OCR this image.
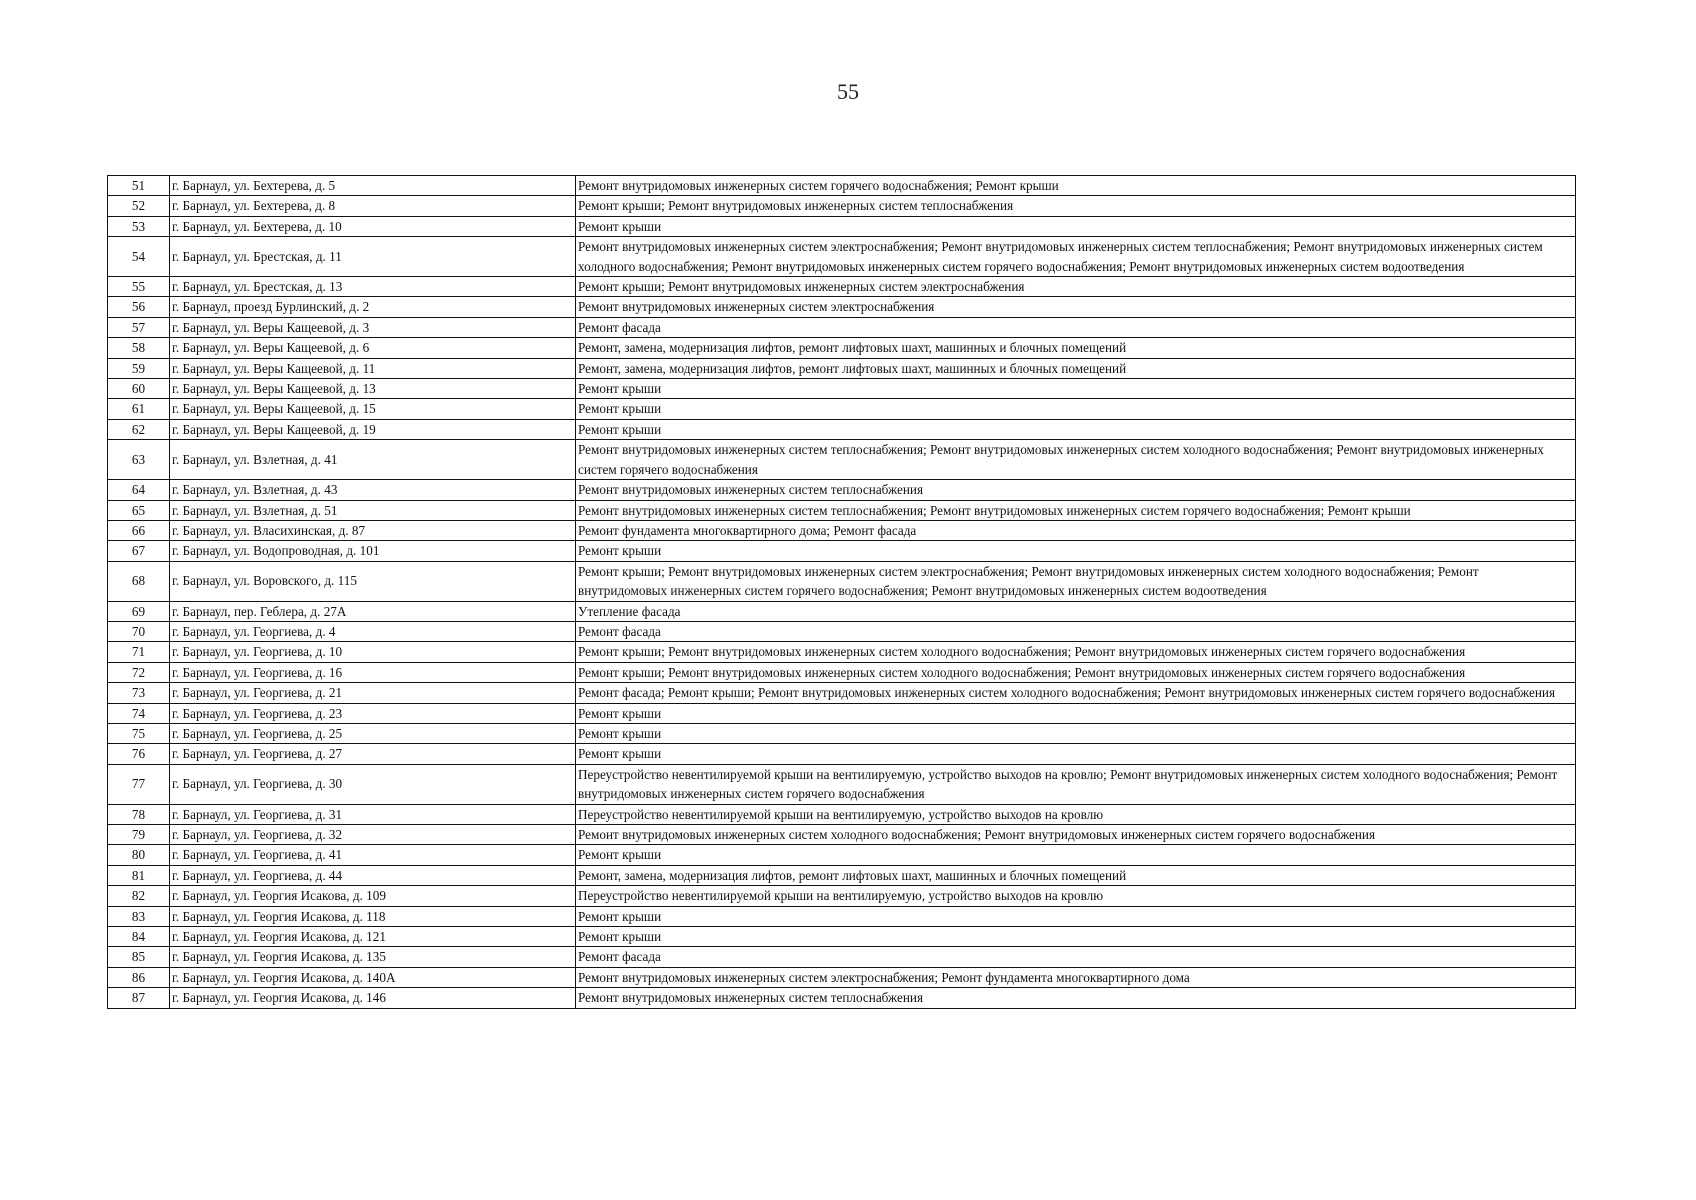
55
51	г. Барнаул, ул. Бехтерева, д. 5	Ремонт внутридомовых инженерных систем горячего водоснабжения; Ремонт крыши
52	г. Барнаул, ул. Бехтерева, д. 8	Ремонт крыши; Ремонт внутридомовых инженерных систем теплоснабжения
53	г. Барнаул, ул. Бехтерева, д. 10	Ремонт крыши
54	г. Барнаул, ул. Брестская, д. 11	Ремонт внутридомовых инженерных систем электроснабжения; Ремонт внутридомовых инженерных систем теплоснабжения; Ремонт внутридомовых инженерных систем холодного водоснабжения; Ремонт внутридомовых инженерных систем горячего водоснабжения; Ремонт внутридомовых инженерных систем водоотведения
55	г. Барнаул, ул. Брестская, д. 13	Ремонт крыши; Ремонт внутридомовых инженерных систем электроснабжения
56	г. Барнаул, проезд Бурлинский, д. 2	Ремонт внутридомовых инженерных систем электроснабжения
57	г. Барнаул, ул. Веры Кащеевой, д. 3	Ремонт фасада
58	г. Барнаул, ул. Веры Кащеевой, д. 6	Ремонт, замена, модернизация лифтов, ремонт лифтовых шахт, машинных и блочных помещений
59	г. Барнаул, ул. Веры Кащеевой, д. 11	Ремонт, замена, модернизация лифтов, ремонт лифтовых шахт, машинных и блочных помещений
60	г. Барнаул, ул. Веры Кащеевой, д. 13	Ремонт крыши
61	г. Барнаул, ул. Веры Кащеевой, д. 15	Ремонт крыши
62	г. Барнаул, ул. Веры Кащеевой, д. 19	Ремонт крыши
63	г. Барнаул, ул. Взлетная, д. 41	Ремонт внутридомовых инженерных систем теплоснабжения; Ремонт внутридомовых инженерных систем холодного водоснабжения; Ремонт внутридомовых инженерных систем горячего водоснабжения
64	г. Барнаул, ул. Взлетная, д. 43	Ремонт внутридомовых инженерных систем теплоснабжения
65	г. Барнаул, ул. Взлетная, д. 51	Ремонт внутридомовых инженерных систем теплоснабжения; Ремонт внутридомовых инженерных систем горячего водоснабжения; Ремонт крыши
66	г. Барнаул, ул. Власихинская, д. 87	Ремонт фундамента многоквартирного дома; Ремонт фасада
67	г. Барнаул, ул. Водопроводная, д. 101	Ремонт крыши
68	г. Барнаул, ул. Воровского, д. 115	Ремонт крыши; Ремонт внутридомовых инженерных систем электроснабжения; Ремонт внутридомовых инженерных систем холодного водоснабжения; Ремонт внутридомовых инженерных систем горячего водоснабжения; Ремонт внутридомовых инженерных систем водоотведения
69	г. Барнаул, пер. Геблера, д. 27А	Утепление фасада
70	г. Барнаул, ул. Георгиева, д. 4	Ремонт фасада
71	г. Барнаул, ул. Георгиева, д. 10	Ремонт крыши; Ремонт внутридомовых инженерных систем холодного водоснабжения; Ремонт внутридомовых инженерных систем горячего водоснабжения
72	г. Барнаул, ул. Георгиева, д. 16	Ремонт крыши; Ремонт внутридомовых инженерных систем холодного водоснабжения; Ремонт внутридомовых инженерных систем горячего водоснабжения
73	г. Барнаул, ул. Георгиева, д. 21	Ремонт фасада; Ремонт крыши; Ремонт внутридомовых инженерных систем холодного водоснабжения; Ремонт внутридомовых инженерных систем горячего водоснабжения
74	г. Барнаул, ул. Георгиева, д. 23	Ремонт крыши
75	г. Барнаул, ул. Георгиева, д. 25	Ремонт крыши
76	г. Барнаул, ул. Георгиева, д. 27	Ремонт крыши
77	г. Барнаул, ул. Георгиева, д. 30	Переустройство невентилируемой крыши на вентилируемую, устройство выходов на кровлю; Ремонт внутридомовых инженерных систем холодного водоснабжения; Ремонт внутридомовых инженерных систем горячего водоснабжения
78	г. Барнаул, ул. Георгиева, д. 31	Переустройство невентилируемой крыши на вентилируемую, устройство выходов на кровлю
79	г. Барнаул, ул. Георгиева, д. 32	Ремонт внутридомовых инженерных систем холодного водоснабжения; Ремонт внутридомовых инженерных систем горячего водоснабжения
80	г. Барнаул, ул. Георгиева, д. 41	Ремонт крыши
81	г. Барнаул, ул. Георгиева, д. 44	Ремонт, замена, модернизация лифтов, ремонт лифтовых шахт, машинных и блочных помещений
82	г. Барнаул, ул. Георгия Исакова, д. 109	Переустройство невентилируемой крыши на вентилируемую, устройство выходов на кровлю
83	г. Барнаул, ул. Георгия Исакова, д. 118	Ремонт крыши
84	г. Барнаул, ул. Георгия Исакова, д. 121	Ремонт крыши
85	г. Барнаул, ул. Георгия Исакова, д. 135	Ремонт фасада
86	г. Барнаул, ул. Георгия Исакова, д. 140А	Ремонт внутридомовых инженерных систем электроснабжения; Ремонт фундамента многоквартирного дома
87	г. Барнаул, ул. Георгия Исакова, д. 146	Ремонт внутридомовых инженерных систем теплоснабжения
